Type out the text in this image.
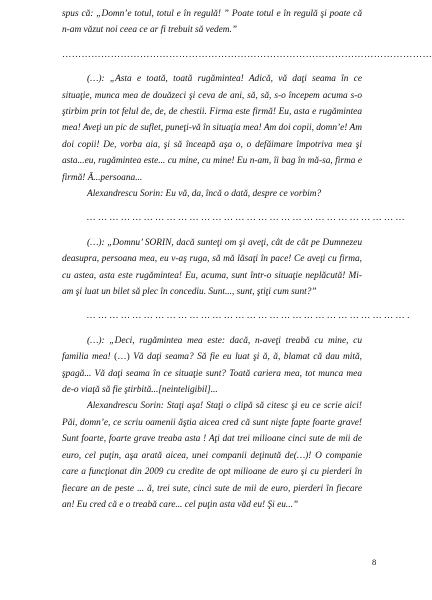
spus că: „Domn’e totul, totul e în regulă! ” Poate totul e în regulă şi poate că n-am văzut noi ceea ce ar fi trebuit să vedem.”

……………………………………………………………………………………………………

(…): „Asta e toată, toată rugămintea! Adică, vă daţi seama în ce situaţie, munca mea de douăzeci şi ceva de ani, să, să, s-o începem acuma s-o ştirbim prin tot felul de, de, de chestii. Firma este firmă! Eu, asta e rugămintea mea! Aveţi un pic de suflet, puneţi-vă în situaţia mea! Am doi copii, domn’e! Am doi copii! De, vorba aia, şi să înceapă aşa o, o defăimare împotriva mea şi asta...eu, rugămintea este... cu mine, cu mine! Eu n-am, îi bag în mă-sa, firma e firmă! Ă...persoana...

Alexandrescu Sorin: Eu vă, da, încă o dată, despre ce vorbim?

… … … … … … … … … … … … … … … … … … … … … … … … … … … …

(…): „Domnu’ SORIN, dacă sunteţi om şi aveţi, cât de cât pe Dumnezeu deasupra, persoana mea, eu v-aş ruga, să mă lăsaţi în pace! Ce aveţi cu firma, cu astea, asta este rugămintea! Eu, acuma, sunt într-o situaţie neplăcută! Mi-am şi luat un bilet să plec în concediu. Sunt..., sunt, ştiţi cum sunt?”

… … … … … … … … … … … … … … … … … … … … … … … … … … … … .

(…): „Deci, rugămintea mea este: dacă, n-aveţi treabă cu mine, cu familia mea! (…) Vă daţi seama? Să fie eu luat şi ă, ă, blamat că dau mită, şpagă... Vă daţi seama în ce situaţie sunt? Toată cariera mea, tot munca mea de-o viaţă să fie ştirbită...[neinteligibil]...

Alexandrescu Sorin: Staţi aşa! Staţi o clipă să citesc şi eu ce scrie aici! Păi, domn’e, ce scriu oamenii ăştia aicea cred că sunt nişte fapte foarte grave! Sunt foarte, foarte grave treaba asta ! Aţi dat trei milioane cinci sute de mii de euro, cel puţin, aşa arată aicea, unei companii deţinută de(…)! O companie care a funcţionat din 2009 cu credite de opt milioane de euro şi cu pierderi în fiecare an de peste ... ă, trei sute, cinci sute de mii de euro, pierderi în fiecare an! Eu cred că e o treabă care... cel puţin asta văd eu! Şi eu...”

8
